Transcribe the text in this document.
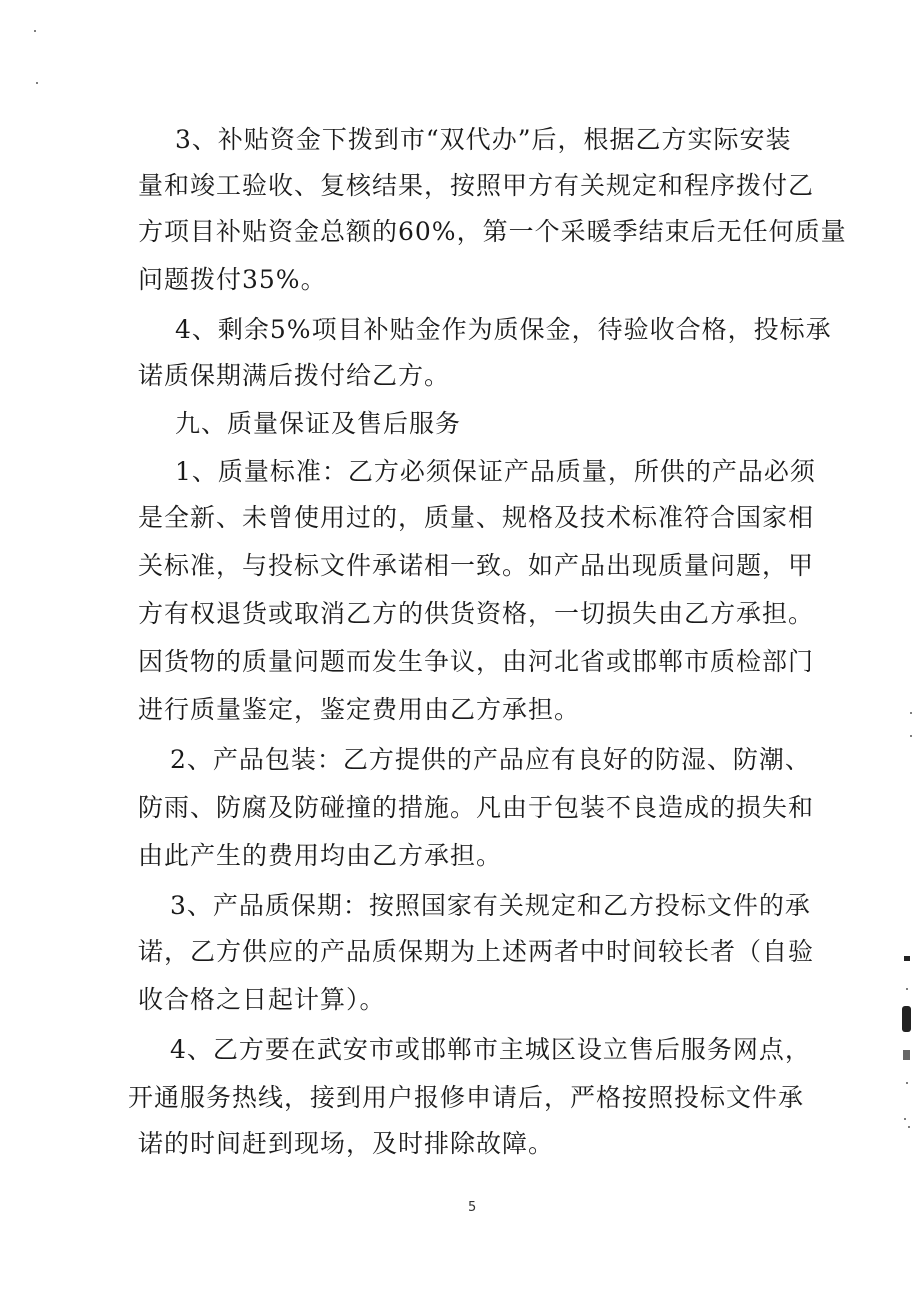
3、补贴资金下拨到市“双代办”后，根据乙方实际安装
量和竣工验收、复核结果，按照甲方有关规定和程序拨付乙
方项目补贴资金总额的60%，第一个采暖季结束后无任何质量
问题拨付35%。
4、剩余5%项目补贴金作为质保金，待验收合格，投标承
诺质保期满后拨付给乙方。
九、质量保证及售后服务
1、质量标准：乙方必须保证产品质量，所供的产品必须
是全新、未曾使用过的，质量、规格及技术标准符合国家相
关标准，与投标文件承诺相一致。如产品出现质量问题，甲
方有权退货或取消乙方的供货资格，一切损失由乙方承担。
因货物的质量问题而发生争议，由河北省或邯郸市质检部门
进行质量鉴定，鉴定费用由乙方承担。
2、产品包装：乙方提供的产品应有良好的防湿、防潮、
防雨、防腐及防碰撞的措施。凡由于包装不良造成的损失和
由此产生的费用均由乙方承担。
3、产品质保期：按照国家有关规定和乙方投标文件的承
诺，乙方供应的产品质保期为上述两者中时间较长者（自验
收合格之日起计算）。
4、乙方要在武安市或邯郸市主城区设立售后服务网点，
开通服务热线，接到用户报修申请后，严格按照投标文件承
诺的时间赶到现场，及时排除故障。
5
